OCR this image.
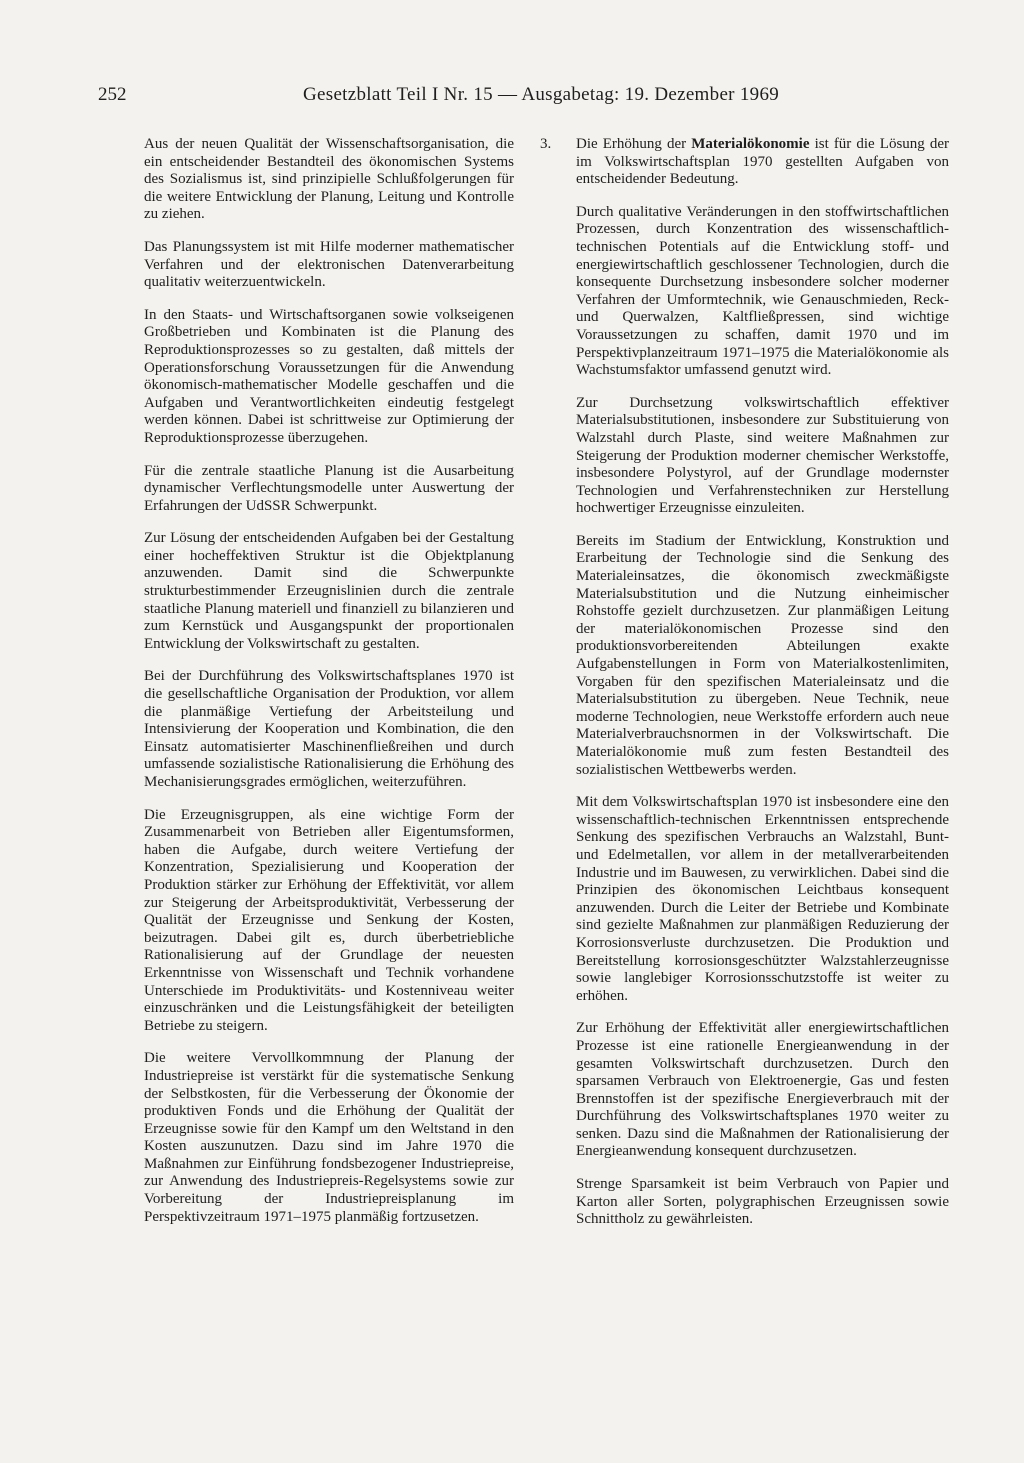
252	Gesetzblatt Teil I Nr. 15 — Ausgabetag: 19. Dezember 1969

Aus der neuen Qualität der Wissenschaftsorganisation, die ein entscheidender Bestandteil des ökonomischen Systems des Sozialismus ist, sind prinzipielle Schlußfolgerungen für die weitere Entwicklung der Planung, Leitung und Kontrolle zu ziehen.

Das Planungssystem ist mit Hilfe moderner mathematischer Verfahren und der elektronischen Datenverarbeitung qualitativ weiterzuentwickeln.

In den Staats- und Wirtschaftsorganen sowie volkseigenen Großbetrieben und Kombinaten ist die Planung des Reproduktionsprozesses so zu gestalten, daß mittels der Operationsforschung Voraussetzungen für die Anwendung ökonomisch-mathematischer Modelle geschaffen und die Aufgaben und Verantwortlichkeiten eindeutig festgelegt werden können. Dabei ist schrittweise zur Optimierung der Reproduktionsprozesse überzugehen.

Für die zentrale staatliche Planung ist die Ausarbeitung dynamischer Verflechtungsmodelle unter Auswertung der Erfahrungen der UdSSR Schwerpunkt.

Zur Lösung der entscheidenden Aufgaben bei der Gestaltung einer hocheffektiven Struktur ist die Objektplanung anzuwenden. Damit sind die Schwerpunkte strukturbestimmender Erzeugnislinien durch die zentrale staatliche Planung materiell und finanziell zu bilanzieren und zum Kernstück und Ausgangspunkt der proportionalen Entwicklung der Volkswirtschaft zu gestalten.

Bei der Durchführung des Volkswirtschaftsplanes 1970 ist die gesellschaftliche Organisation der Produktion, vor allem die planmäßige Vertiefung der Arbeitsteilung und Intensivierung der Kooperation und Kombination, die den Einsatz automatisierter Maschinenfließreihen und durch umfassende sozialistische Rationalisierung die Erhöhung des Mechanisierungsgrades ermöglichen, weiterzuführen.

Die Erzeugnisgruppen, als eine wichtige Form der Zusammenarbeit von Betrieben aller Eigentumsformen, haben die Aufgabe, durch weitere Vertiefung der Konzentration, Spezialisierung und Kooperation der Produktion stärker zur Erhöhung der Effektivität, vor allem zur Steigerung der Arbeitsproduktivität, Verbesserung der Qualität der Erzeugnisse und Senkung der Kosten, beizutragen. Dabei gilt es, durch überbetriebliche Rationalisierung auf der Grundlage der neuesten Erkenntnisse von Wissenschaft und Technik vorhandene Unterschiede im Produktivitäts- und Kostenniveau weiter einzuschränken und die Leistungsfähigkeit der beteiligten Betriebe zu steigern.

Die weitere Vervollkommnung der Planung der Industriepreise ist verstärkt für die systematische Senkung der Selbstkosten, für die Verbesserung der Ökonomie der produktiven Fonds und die Erhöhung der Qualität der Erzeugnisse sowie für den Kampf um den Weltstand in den Kosten auszunutzen. Dazu sind im Jahre 1970 die Maßnahmen zur Einführung fondsbezogener Industriepreise, zur Anwendung des Industriepreis-Regelsystems sowie zur Vorbereitung der Industriepreisplanung im Perspektivzeitraum 1971–1975 planmäßig fortzusetzen.

3. Die Erhöhung der Materialökonomie ist für die Lösung der im Volkswirtschaftsplan 1970 gestellten Aufgaben von entscheidender Bedeutung.

Durch qualitative Veränderungen in den stoffwirtschaftlichen Prozessen, durch Konzentration des wissenschaftlich-technischen Potentials auf die Entwicklung stoff- und energiewirtschaftlich geschlossener Technologien, durch die konsequente Durchsetzung insbesondere solcher moderner Verfahren der Umformtechnik, wie Genauschmieden, Reck- und Querwalzen, Kaltfließpressen, sind wichtige Voraussetzungen zu schaffen, damit 1970 und im Perspektivplanzeitraum 1971–1975 die Materialökonomie als Wachstumsfaktor umfassend genutzt wird.

Zur Durchsetzung volkswirtschaftlich effektiver Materialsubstitutionen, insbesondere zur Substituierung von Walzstahl durch Plaste, sind weitere Maßnahmen zur Steigerung der Produktion moderner chemischer Werkstoffe, insbesondere Polystyrol, auf der Grundlage modernster Technologien und Verfahrenstechniken zur Herstellung hochwertiger Erzeugnisse einzuleiten.

Bereits im Stadium der Entwicklung, Konstruktion und Erarbeitung der Technologie sind die Senkung des Materialeinsatzes, die ökonomisch zweckmäßigste Materialsubstitution und die Nutzung einheimischer Rohstoffe gezielt durchzusetzen. Zur planmäßigen Leitung der materialökonomischen Prozesse sind den produktionsvorbereitenden Abteilungen exakte Aufgabenstellungen in Form von Materialkostenlimiten, Vorgaben für den spezifischen Materialeinsatz und die Materialsubstitution zu übergeben. Neue Technik, neue moderne Technologien, neue Werkstoffe erfordern auch neue Materialverbrauchsnormen in der Volkswirtschaft. Die Materialökonomie muß zum festen Bestandteil des sozialistischen Wettbewerbs werden.

Mit dem Volkswirtschaftsplan 1970 ist insbesondere eine den wissenschaftlich-technischen Erkenntnissen entsprechende Senkung des spezifischen Verbrauchs an Walzstahl, Bunt- und Edelmetallen, vor allem in der metallverarbeitenden Industrie und im Bauwesen, zu verwirklichen. Dabei sind die Prinzipien des ökonomischen Leichtbaus konsequent anzuwenden. Durch die Leiter der Betriebe und Kombinate sind gezielte Maßnahmen zur planmäßigen Reduzierung der Korrosionsverluste durchzusetzen. Die Produktion und Bereitstellung korrosionsgeschützter Walzstahlerzeugnisse sowie langlebiger Korrosionsschutzstoffe ist weiter zu erhöhen.

Zur Erhöhung der Effektivität aller energiewirtschaftlichen Prozesse ist eine rationelle Energieanwendung in der gesamten Volkswirtschaft durchzusetzen. Durch den sparsamen Verbrauch von Elektroenergie, Gas und festen Brennstoffen ist der spezifische Energieverbrauch mit der Durchführung des Volkswirtschaftsplanes 1970 weiter zu senken. Dazu sind die Maßnahmen der Rationalisierung der Energieanwendung konsequent durchzusetzen.

Strenge Sparsamkeit ist beim Verbrauch von Papier und Karton aller Sorten, polygraphischen Erzeugnissen sowie Schnittholz zu gewährleisten.
